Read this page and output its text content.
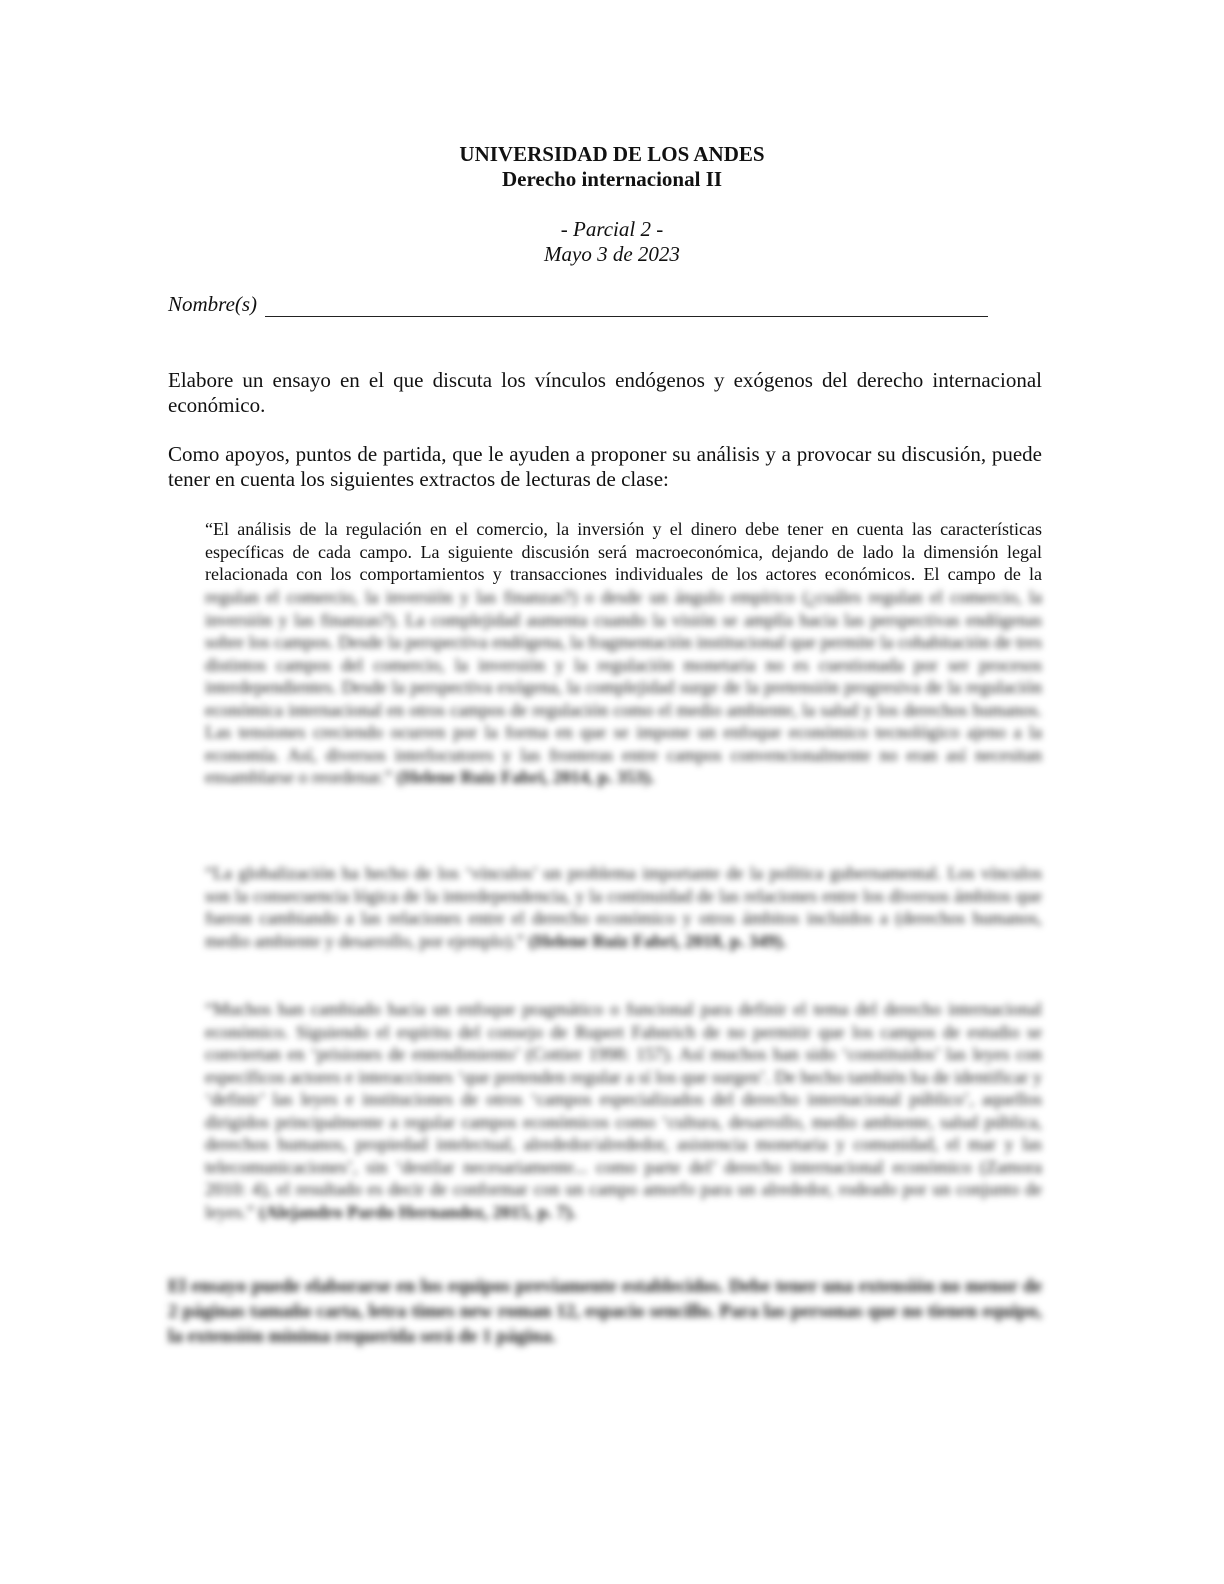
UNIVERSIDAD DE LOS ANDES
Derecho internacional II
- Parcial 2 -
Mayo 3 de 2023
Nombre(s)

Elabore un ensayo en el que discuta los vínculos endógenos y exógenos del derecho internacional económico.

Como apoyos, puntos de partida, que le ayuden a proponer su análisis y a provocar su discusión, puede tener en cuenta los siguientes extractos de lecturas de clase:

“El análisis de la regulación en el comercio, la inversión y el dinero debe tener en cuenta las características específicas de cada campo. La siguiente discusión será macroeconómica, dejando de lado la dimensión legal relacionada con los comportamientos y transacciones individuales de los actores económicos. El campo de la
regulan el comercio, la inversión y las finanzas?) o desde un ángulo empírico (¿cuáles regulan el comercio, la inversión y las finanzas?). La complejidad aumenta cuando la visión se amplía hacia las perspectivas endógenas sobre los campos. Desde la perspectiva endógena, la fragmentación institucional que permite la cohabitación de tres distintos campos del comercio, la inversión y la regulación monetaria no es cuestionada por ser procesos interdependientes. Desde la perspectiva exógena, la complejidad surge de la pretensión progresiva de la regulación económica internacional en otros campos de regulación como el medio ambiente, la salud y los derechos humanos. Las tensiones creciendo ocurren por la forma en que se impone un enfoque económico tecnológico ajeno a la economía. Así, diversos interlocutores y las fronteras entre campos convencionalmente no eran así necesitan ensamblarse o reordenar.” (Helene Ruiz Fabri, 2014, p. 353).

“La globalización ha hecho de los ‘vínculos’ un problema importante de la política gubernamental. Los vínculos son la consecuencia lógica de la interdependencia, y la continuidad de las relaciones entre los diversos ámbitos que fueron cambiando a las relaciones entre el derecho económico y otros ámbitos incluidos a (derechos humanos, medio ambiente y desarrollo, por ejemplo).” (Helene Ruiz Fabri, 2018, p. 349).

“Muchos han cambiado hacia un enfoque pragmático o funcional para definir el tema del derecho internacional económico. Siguiendo el espíritu del consejo de Rupert Fahnrich de no permitir que los campos de estudio se conviertan en ‘prisiones de entendimiento’ (Cottier 1998: 157). Así muchos han sido ‘constituidos’ las leyes con específicos actores e interacciones ‘que pretenden regular a sí los que surgen’. De hecho también ha de identificar y ‘definir’ las leyes e instituciones de otros ‘campos especializados del derecho internacional público’, aquellos dirigidos principalmente a regular campos económicos como ‘cultura, desarrollo, medio ambiente, salud pública, derechos humanos, propiedad intelectual, alrededor/alrededor, asistencia monetaria y comunidad, el mar y las telecomunicaciones’, sin ‘destilar necesariamente... como parte del’ derecho internacional económico (Zamora 2010: 4), el resultado es decir de conformar con un campo amorfo para un alrededor, rodeado por un conjunto de leyes.” (Alejandro Pardo Hernandez, 2015, p. 7).

El ensayo puede elaborarse en los equipos previamente establecidos. Debe tener una extensión no menor de 2 páginas tamaño carta, letra times new roman 12, espacio sencillo. Para las personas que no tienen equipo, la extensión mínima requerida será de 1 página.
